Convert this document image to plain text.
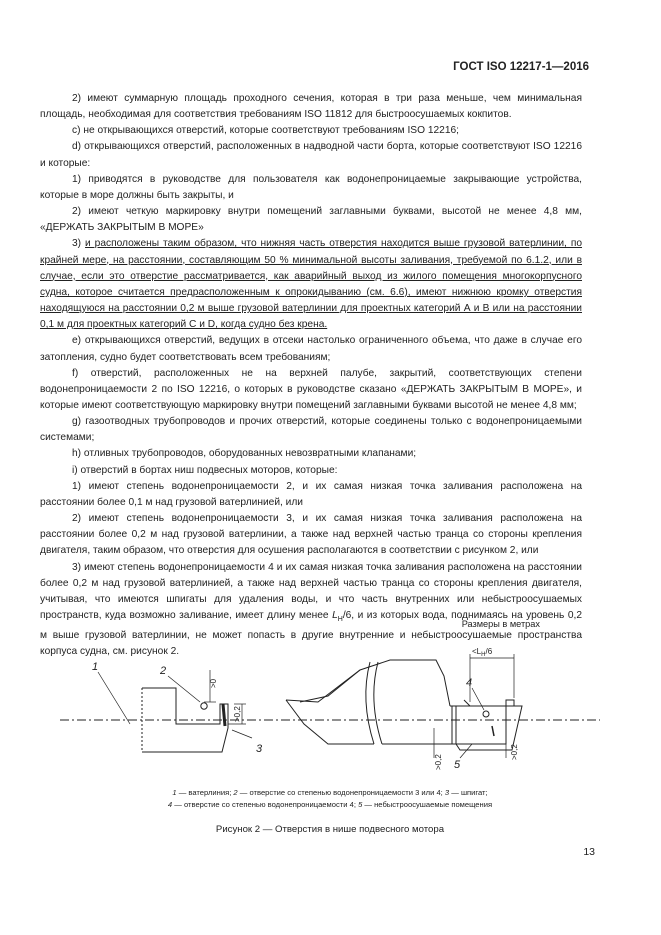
ГОСТ ISO 12217-1—2016

2) имеют суммарную площадь проходного сечения, которая в три раза меньше, чем минимальная площадь, необходимая для соответствия требованиям ISO 11812 для быстроосушаемых кокпитов.

с) не открывающихся отверстий, которые соответствуют требованиям ISO 12216;

d) открывающихся отверстий, расположенных в надводной части борта, которые соответствуют ISO 12216 и которые:

1) приводятся в руководстве для пользователя как водонепроницаемые закрывающие устройства, которые в море должны быть закрыты, и

2) имеют четкую маркировку внутри помещений заглавными буквами, высотой не менее 4,8 мм, «ДЕРЖАТЬ ЗАКРЫТЫМ В МОРЕ»

3) и расположены таким образом, что нижняя часть отверстия находится выше грузовой ватерлинии, по крайней мере, на расстоянии, составляющим 50 % минимальной высоты заливания, требуемой по 6.1.2, или в случае, если это отверстие рассматривается, как аварийный выход из жилого помещения многокорпусного судна, которое считается предрасположенным к опрокидыванию (см. 6.6), имеют нижнюю кромку отверстия находящуюся на расстоянии 0,2 м выше грузовой ватерлинии для проектных категорий А и В или на расстоянии 0,1 м для проектных категорий С и D, когда судно без крена.

е) открывающихся отверстий, ведущих в отсеки настолько ограниченного объема, что даже в случае его затопления, судно будет соответствовать всем требованиям;

f) отверстий, расположенных не на верхней палубе, закрытий, соответствующих степени водонепроницаемости 2 по ISO 12216, о которых в руководстве сказано «ДЕРЖАТЬ ЗАКРЫТЫМ В МОРЕ», и которые имеют соответствующую маркировку внутри помещений заглавными буквами высотой не менее 4,8 мм;

g) газоотводных трубопроводов и прочих отверстий, которые соединены только с водонепроницаемыми системами;

h) отливных трубопроводов, оборудованных невозвратными клапанами;

i) отверстий в бортах ниш подвесных моторов, которые:

1) имеют степень водонепроницаемости 2, и их самая низкая точка заливания расположена на расстоянии более 0,1 м над грузовой ватерлинией, или

2) имеют степень водонепроницаемости 3, и их самая низкая точка заливания расположена на расстоянии более 0,2 м над грузовой ватерлинии, а также над верхней частью транца со стороны крепления двигателя, таким образом, что отверстия для осушения располагаются в соответствии с рисунком 2, или

3) имеют степень водонепроницаемости 4 и их самая низкая точка заливания расположена на расстоянии более 0,2 м над грузовой ватерлинией, а также над верхней частью транца со стороны крепления двигателя, учитывая, что имеются шпигаты для удаления воды, и что часть внутренних или небыстроосушаемых пространств, куда возможно заливание, имеет длину менее $L_H/6$, и из которых вода, поднимаясь на уровень 0,2 м выше грузовой ватерлинии, не может попасть в другие внутренние и небыстроосушаемые пространства корпуса судна, см. рисунок 2.

Размеры в метрах
1	2
3
4
5
>0
>0,2
>0,2
>0,2
$<L_H/6$
1 — ватерлиния; 2 — отверстие со степенью водонепроницаемости 3 или 4; 3 — шпигат;
4 — отверстие со степенью водонепроницаемости 4; 5 — небыстроосушаемые помещения
Рисунок 2 — Отверстия в нише подвесного мотора
13
